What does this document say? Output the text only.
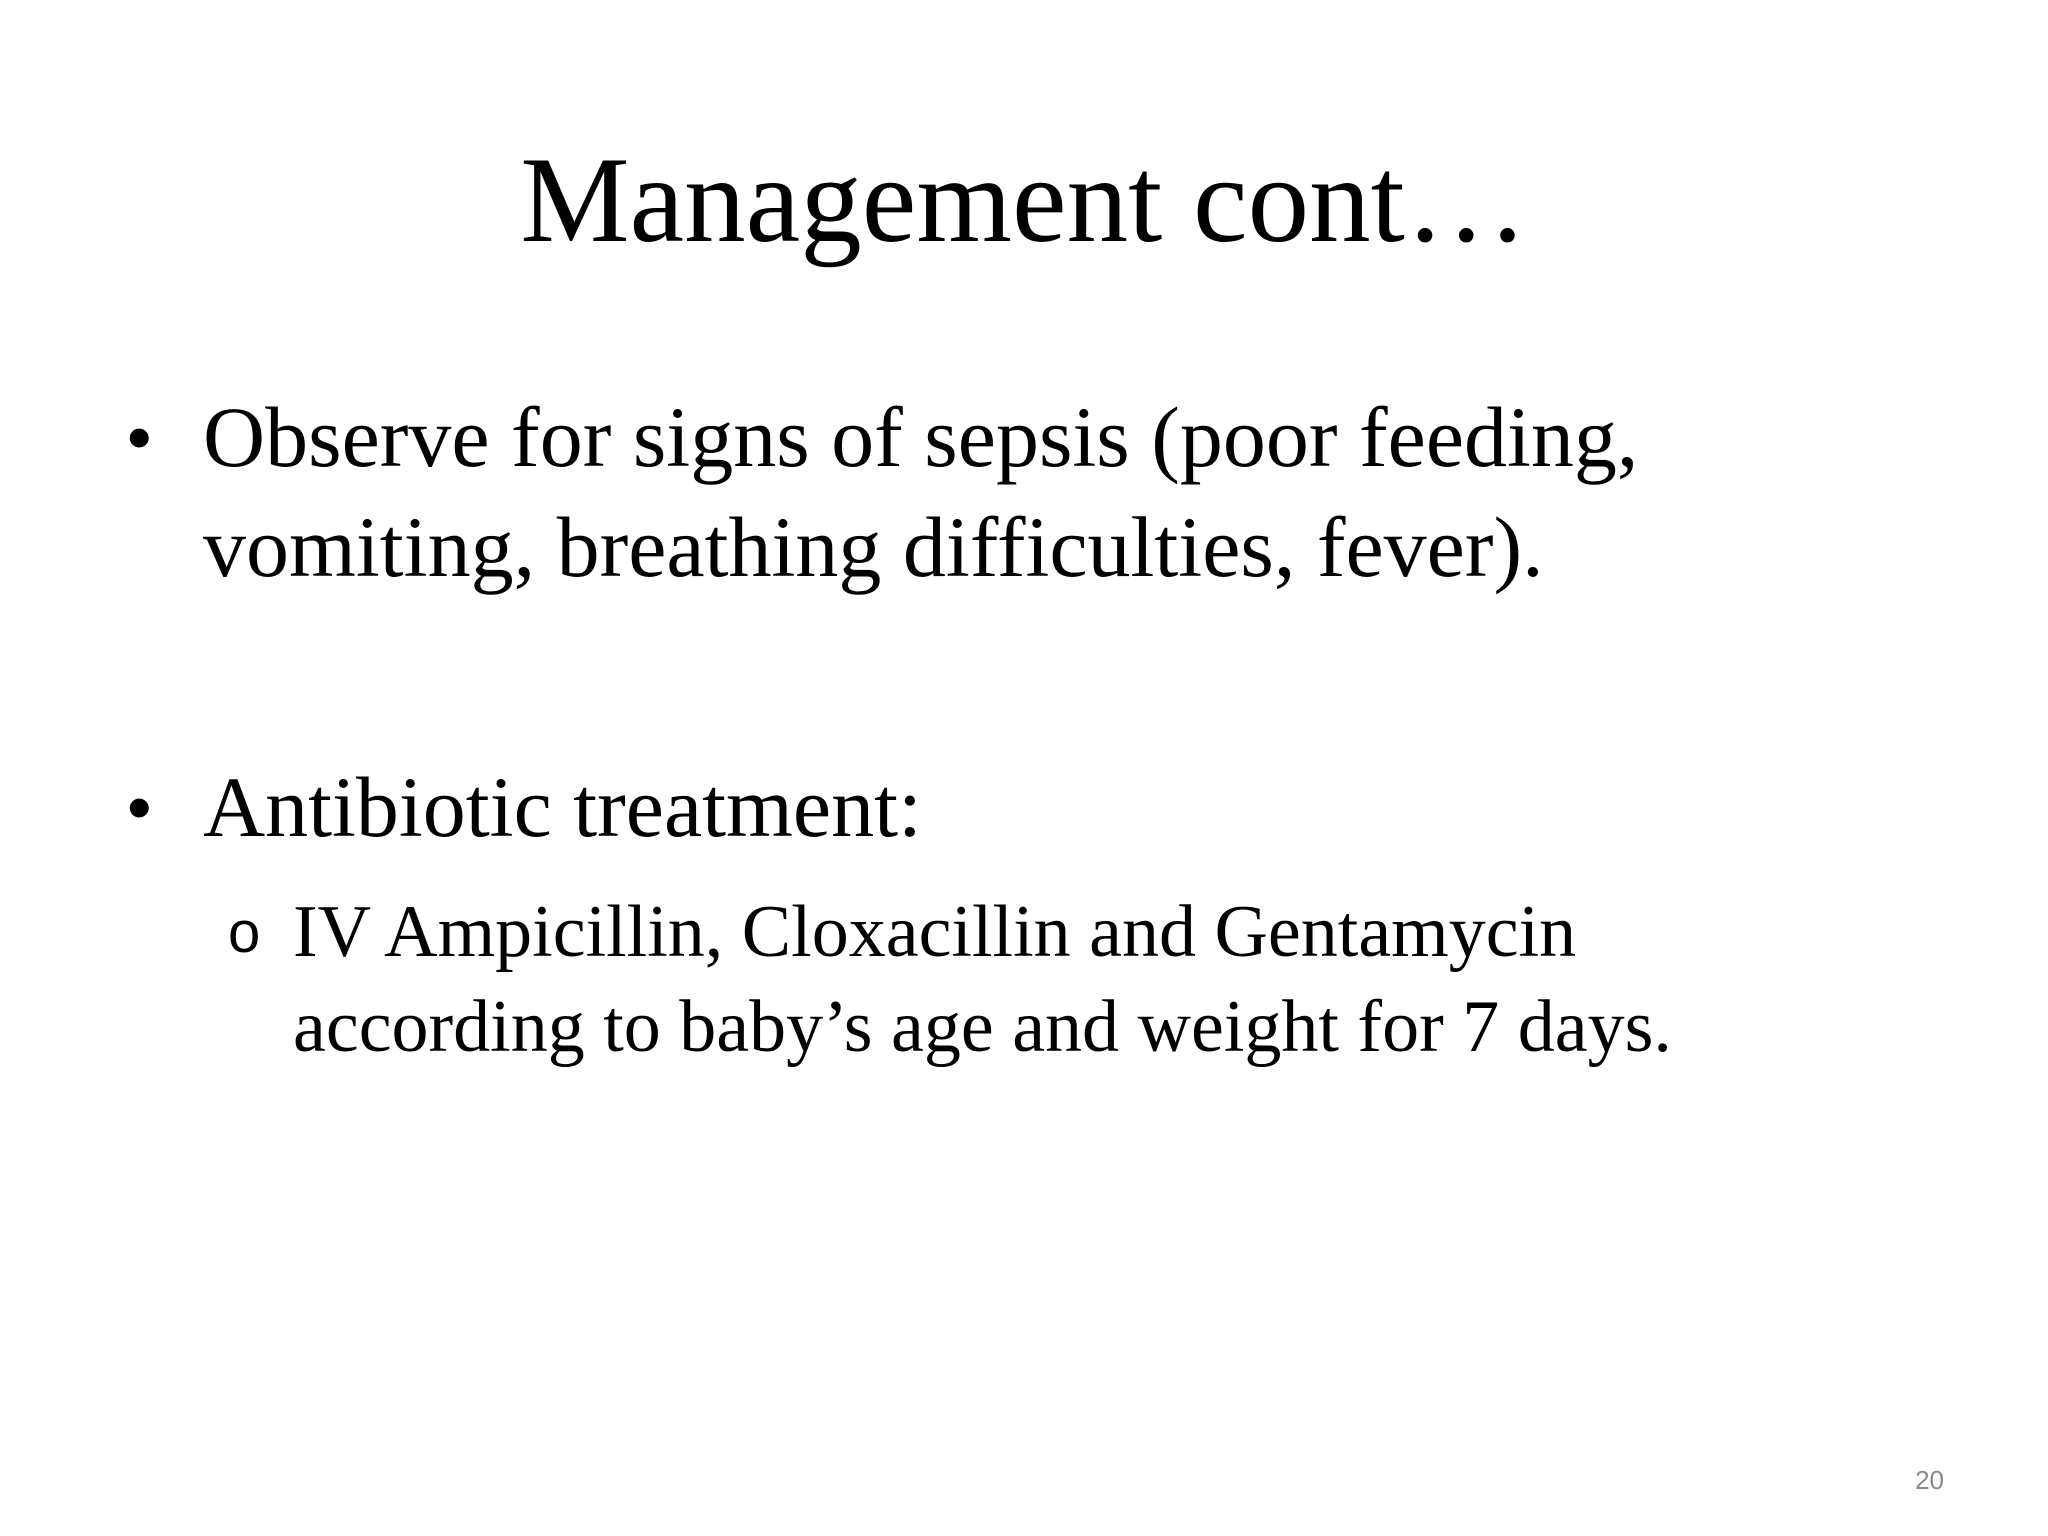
Management cont…
• Observe for signs of sepsis (poor feeding,
vomiting, breathing difficulties, fever).
• Antibiotic treatment:
o IV Ampicillin, Cloxacillin and Gentamycin
according to baby’s age and weight for 7 days.
20
